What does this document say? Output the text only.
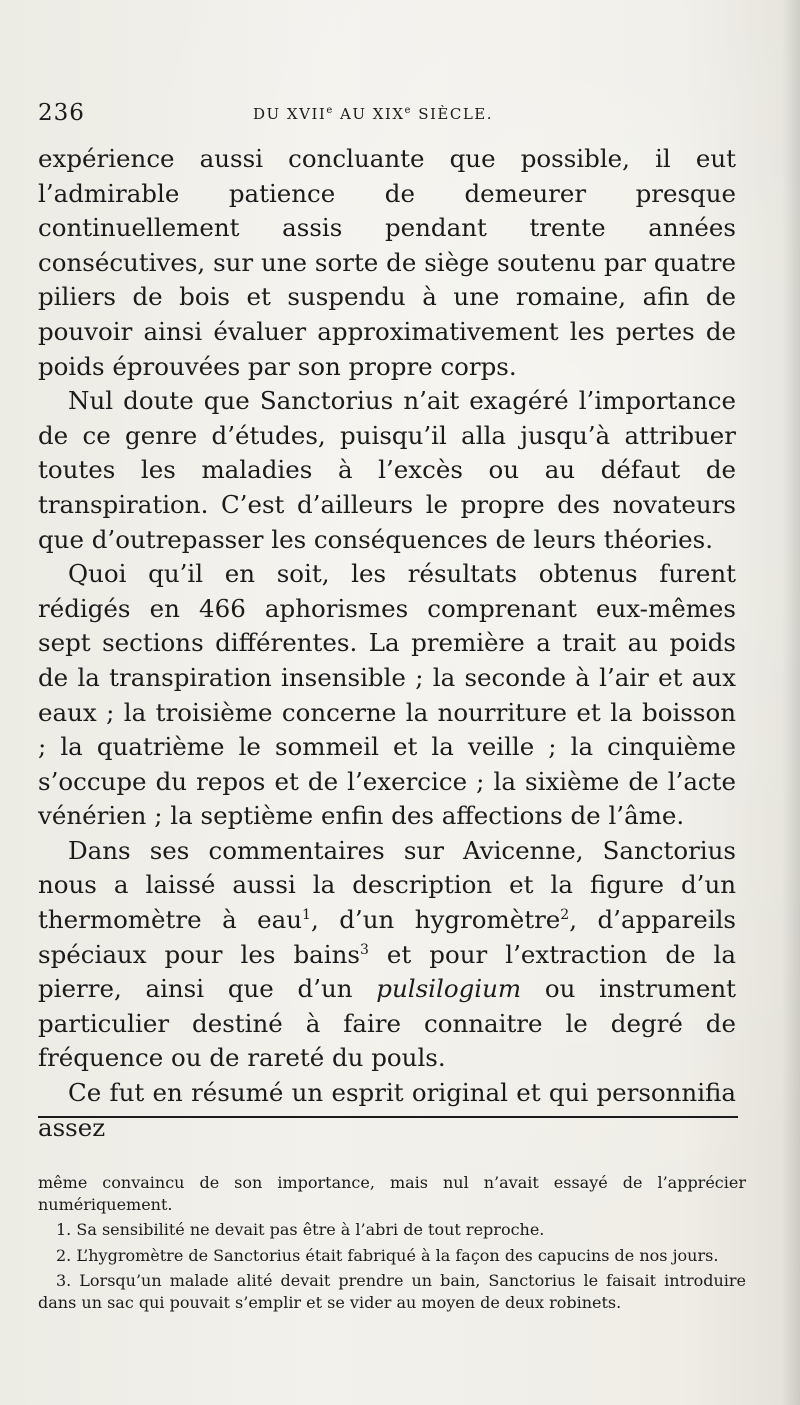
236	DU XVIIe AU XIXe SIÈCLE.

expérience aussi concluante que possible, il eut l’admirable patience de demeurer presque continuellement assis pendant trente années consécutives, sur une sorte de siège soutenu par quatre piliers de bois et suspendu à une romaine, afin de pouvoir ainsi évaluer approximativement les pertes de poids éprouvées par son propre corps.

Nul doute que Sanctorius n’ait exagéré l’importance de ce genre d’études, puisqu’il alla jusqu’à attribuer toutes les maladies à l’excès ou au défaut de transpiration. C’est d’ailleurs le propre des novateurs que d’outrepasser les conséquences de leurs théories.

Quoi qu’il en soit, les résultats obtenus furent rédigés en 466 aphorismes comprenant eux-mêmes sept sections différentes. La première a trait au poids de la transpiration insensible ; la seconde à l’air et aux eaux ; la troisième concerne la nourriture et la boisson ; la quatrième le sommeil et la veille ; la cinquième s’occupe du repos et de l’exercice ; la sixième de l’acte vénérien ; la septième enfin des affections de l’âme.

Dans ses commentaires sur Avicenne, Sanctorius nous a laissé aussi la description et la figure d’un thermomètre à eau$^1$, d’un hygromètre$^2$, d’appareils spéciaux pour les bains$^3$ et pour l’extraction de la pierre, ainsi que d’un pulsilogium ou instrument particulier destiné à faire connaitre le degré de fréquence ou de rareté du pouls.

Ce fut en résumé un esprit original et qui personnifia assez

même convaincu de son importance, mais nul n’avait essayé de l’apprécier numériquement.

1. Sa sensibilité ne devait pas être à l’abri de tout reproche.

2. L’hygromètre de Sanctorius était fabriqué à la façon des capucins de nos jours.

3. Lorsqu’un malade alité devait prendre un bain, Sanctorius le faisait introduire dans un sac qui pouvait s’emplir et se vider au moyen de deux robinets.
